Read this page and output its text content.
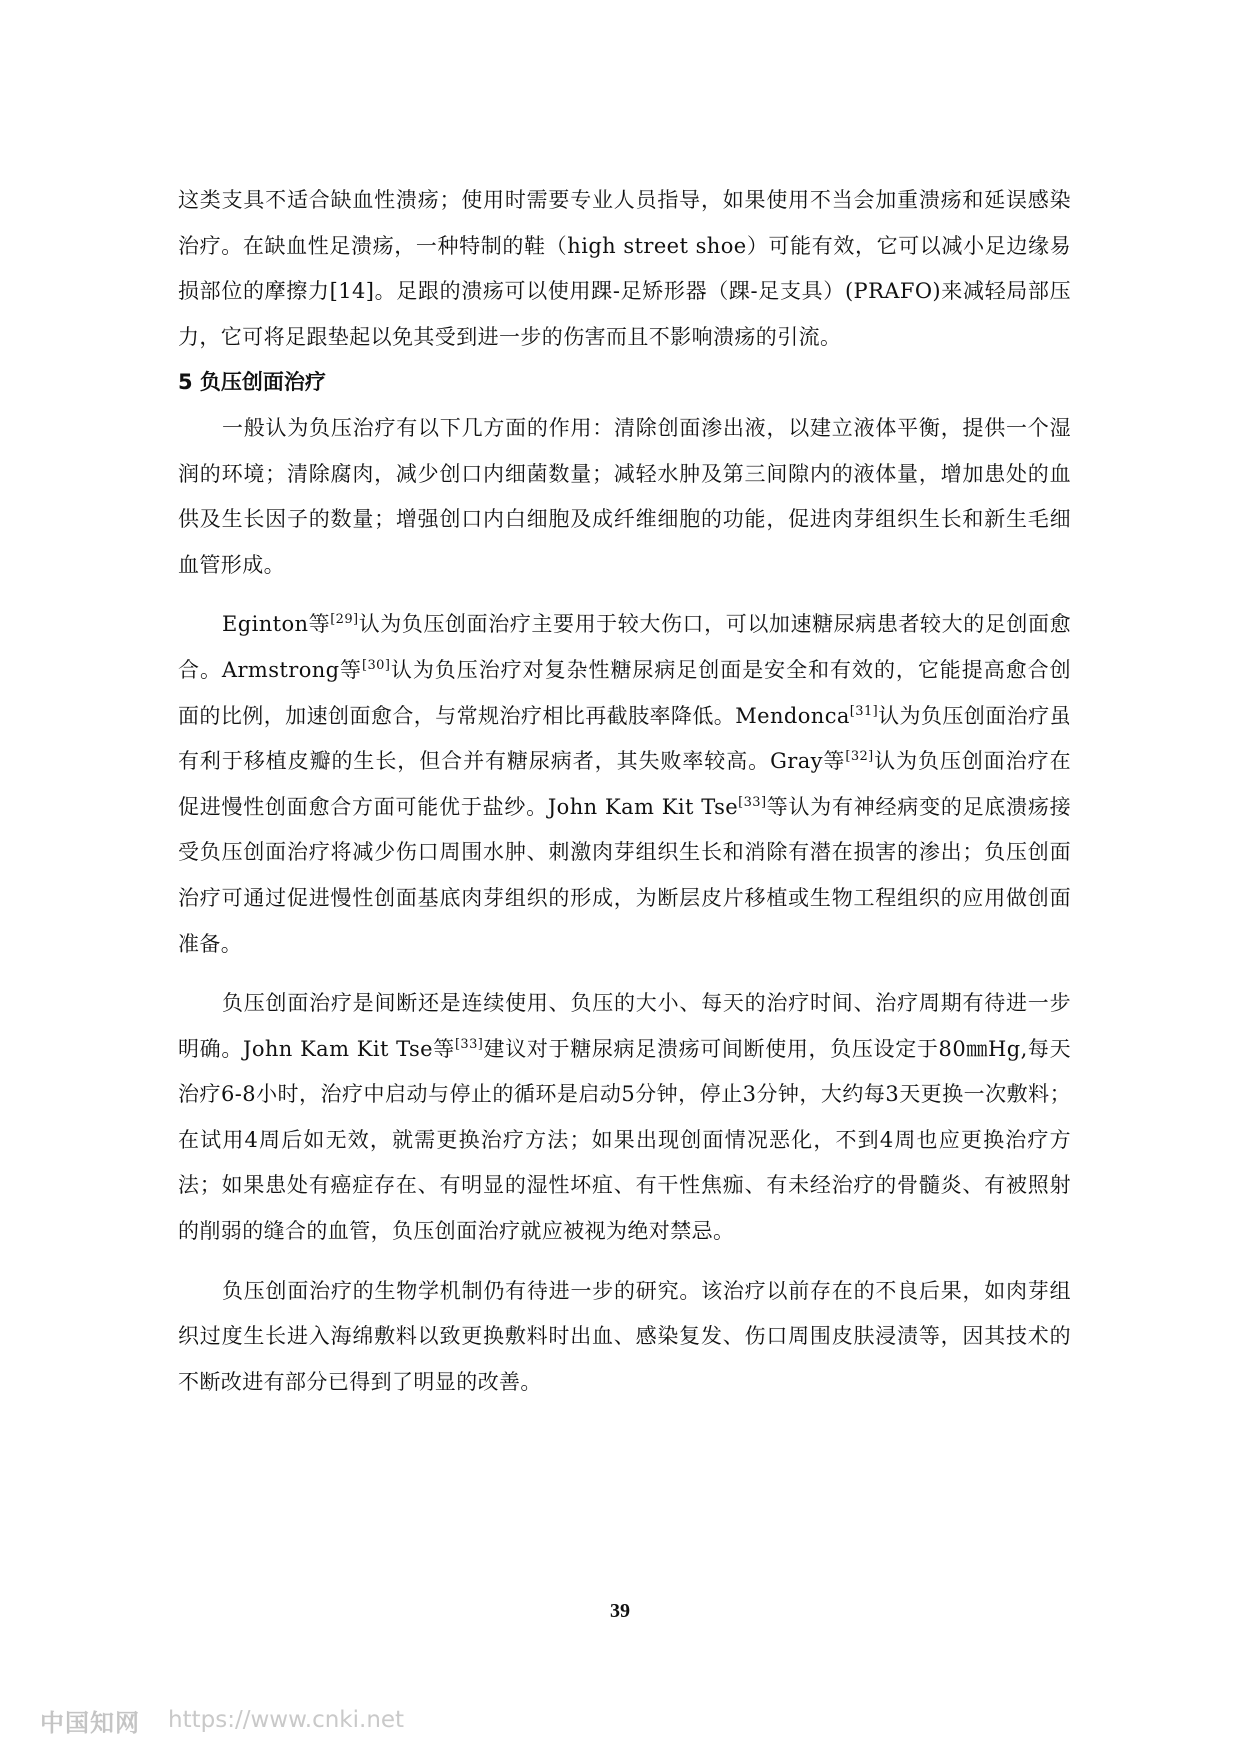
这类支具不适合缺血性溃疡；使用时需要专业人员指导，如果使用不当会加重溃疡和延误感染治疗。在缺血性足溃疡，一种特制的鞋（high street shoe）可能有效，它可以减小足边缘易损部位的摩擦力[14]。足跟的溃疡可以使用踝-足矫形器（踝-足支具）(PRAFO)来减轻局部压力，它可将足跟垫起以免其受到进一步的伤害而且不影响溃疡的引流。

5 负压创面治疗

一般认为负压治疗有以下几方面的作用：清除创面渗出液，以建立液体平衡，提供一个湿润的环境；清除腐肉，减少创口内细菌数量；减轻水肿及第三间隙内的液体量，增加患处的血供及生长因子的数量；增强创口内白细胞及成纤维细胞的功能，促进肉芽组织生长和新生毛细血管形成。

Eginton等[29]认为负压创面治疗主要用于较大伤口，可以加速糖尿病患者较大的足创面愈合。Armstrong等[30]认为负压治疗对复杂性糖尿病足创面是安全和有效的，它能提高愈合创面的比例，加速创面愈合，与常规治疗相比再截肢率降低。Mendonca[31]认为负压创面治疗虽有利于移植皮瓣的生长，但合并有糖尿病者，其失败率较高。Gray等[32]认为负压创面治疗在促进慢性创面愈合方面可能优于盐纱。John Kam Kit Tse[33]等认为有神经病变的足底溃疡接受负压创面治疗将减少伤口周围水肿、刺激肉芽组织生长和消除有潜在损害的渗出；负压创面治疗可通过促进慢性创面基底肉芽组织的形成，为断层皮片移植或生物工程组织的应用做创面准备。

负压创面治疗是间断还是连续使用、负压的大小、每天的治疗时间、治疗周期有待进一步明确。John Kam Kit Tse等[33]建议对于糖尿病足溃疡可间断使用，负压设定于80㎜Hg,每天治疗6-8小时，治疗中启动与停止的循环是启动5分钟，停止3分钟，大约每3天更换一次敷料；在试用4周后如无效，就需更换治疗方法；如果出现创面情况恶化，不到4周也应更换治疗方法；如果患处有癌症存在、有明显的湿性坏疽、有干性焦痂、有未经治疗的骨髓炎、有被照射的削弱的缝合的血管，负压创面治疗就应被视为绝对禁忌。

负压创面治疗的生物学机制仍有待进一步的研究。该治疗以前存在的不良后果，如肉芽组织过度生长进入海绵敷料以致更换敷料时出血、感染复发、伤口周围皮肤浸渍等，因其技术的不断改进有部分已得到了明显的改善。

39
中国知网 https://www.cnki.net
